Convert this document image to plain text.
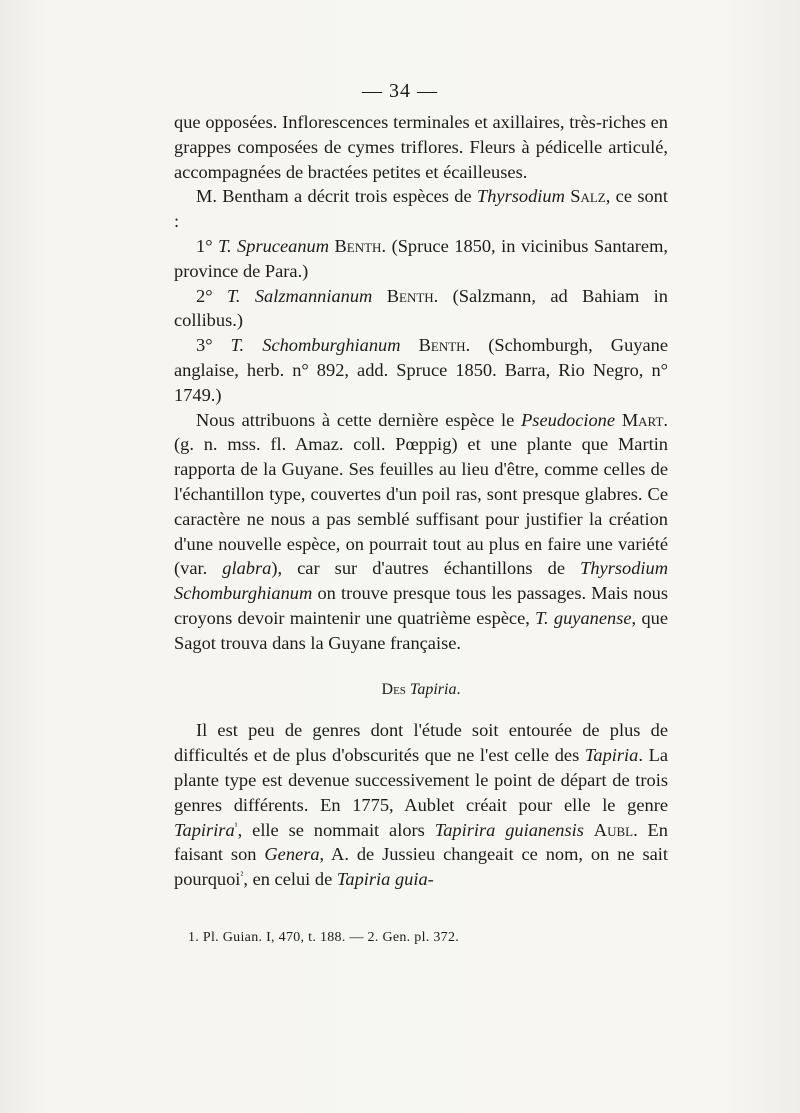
— 34 —

que opposées. Inflorescences terminales et axillaires, très-riches en grappes composées de cymes triflores. Fleurs à pédicelle articulé, accompagnées de bractées petites et écailleuses.

M. Bentham a décrit trois espèces de Thyrsodium Salz, ce sont :

1° T. Spruceanum Benth. (Spruce 1850, in vicinibus Santarem, province de Para.)

2° T. Salzmannianum Benth. (Salzmann, ad Bahiam in collibus.)

3° T. Schomburghianum Benth. (Schomburgh, Guyane anglaise, herb. n° 892, add. Spruce 1850. Barra, Rio Negro, n° 1749.)

Nous attribuons à cette dernière espèce le Pseudocione Mart. (g. n. mss. fl. Amaz. coll. Pœppig) et une plante que Martin rapporta de la Guyane. Ses feuilles au lieu d'être, comme celles de l'échantillon type, couvertes d'un poil ras, sont presque glabres. Ce caractère ne nous a pas semblé suffisant pour justifier la création d'une nouvelle espèce, on pourrait tout au plus en faire une variété (var. glabra), car sur d'autres échantillons de Thyrsodium Schomburghianum on trouve presque tous les passages. Mais nous croyons devoir maintenir une quatrième espèce, T. guyanense, que Sagot trouva dans la Guyane française.

Des Tapiria.

Il est peu de genres dont l'étude soit entourée de plus de difficultés et de plus d'obscurités que ne l'est celle des Tapiria. La plante type est devenue successivement le point de départ de trois genres différents. En 1775, Aublet créait pour elle le genre Tapirira$^{^1}$, elle se nommait alors Tapirira guianensis Aubl. En faisant son Genera, A. de Jussieu changeait ce nom, on ne sait pourquoi$^{^2}$, en celui de Tapiria guia-

1. Pl. Guian. I, 470, t. 188. — 2. Gen. pl. 372.
